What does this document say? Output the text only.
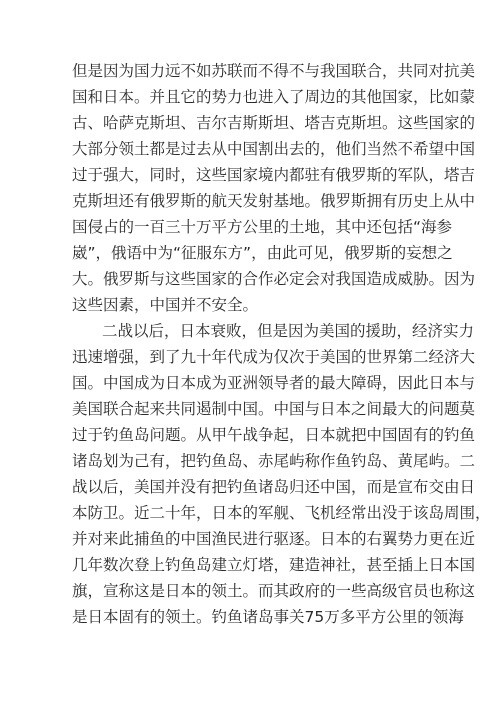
但是因为国力远不如苏联而不得不与我国联合，共同对抗美
国和日本。并且它的势力也进入了周边的其他国家，比如蒙
古、哈萨克斯坦、吉尔吉斯斯坦、塔吉克斯坦。这些国家的
大部分领土都是过去从中国割出去的，他们当然不希望中国
过于强大，同时，这些国家境内都驻有俄罗斯的军队，塔吉
克斯坦还有俄罗斯的航天发射基地。俄罗斯拥有历史上从中
国侵占的一百三十万平方公里的土地，其中还包括“海参
崴”，俄语中为“征服东方”，由此可见，俄罗斯的妄想之
大。俄罗斯与这些国家的合作必定会对我国造成威胁。因为
这些因素，中国并不安全。
二战以后，日本衰败，但是因为美国的援助，经济实力
迅速增强，到了九十年代成为仅次于美国的世界第二经济大
国。中国成为日本成为亚洲领导者的最大障碍，因此日本与
美国联合起来共同遏制中国。中国与日本之间最大的问题莫
过于钓鱼岛问题。从甲午战争起，日本就把中国固有的钓鱼
诸岛划为己有，把钓鱼岛、赤尾屿称作鱼钓岛、黄尾屿。二
战以后，美国并没有把钓鱼诸岛归还中国，而是宣布交由日
本防卫。近二十年，日本的军舰、飞机经常出没于该岛周围，
并对来此捕鱼的中国渔民进行驱逐。日本的右翼势力更在近
几年数次登上钓鱼岛建立灯塔，建造神社，甚至插上日本国
旗，宣称这是日本的领土。而其政府的一些高级官员也称这
是日本固有的领土。钓鱼诸岛事关75万多平方公里的领海
